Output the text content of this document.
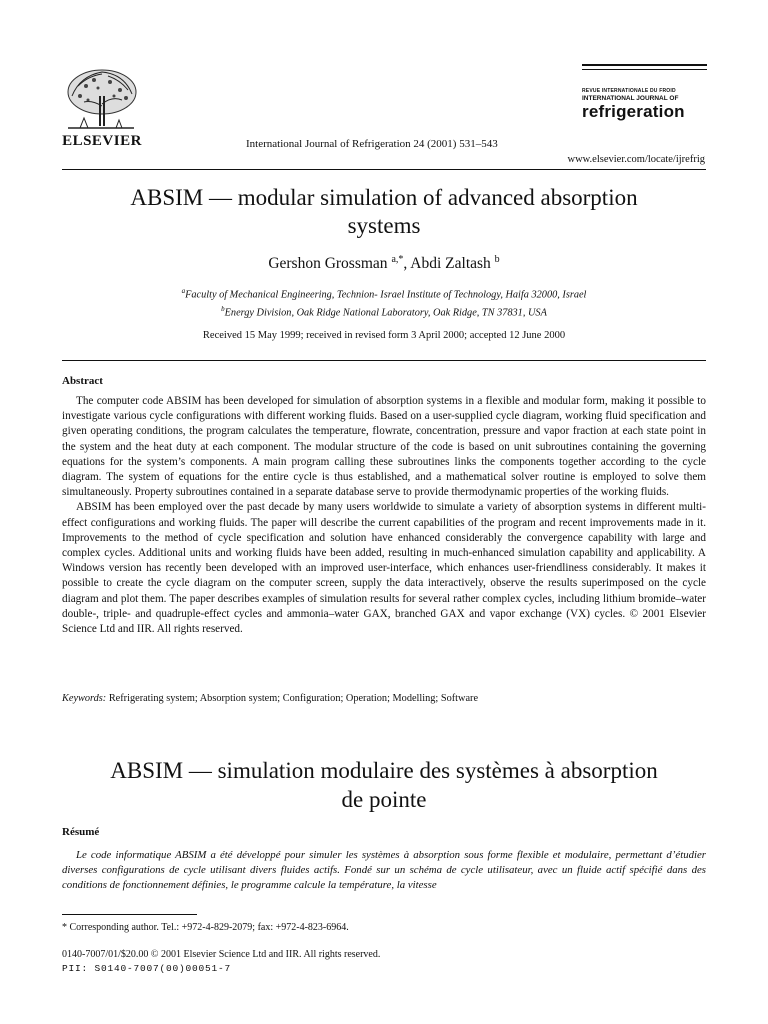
ELSEVIER	International Journal of Refrigeration 24 (2001) 531–543
REVUE INTERNATIONALE DU FROID
INTERNATIONAL JOURNAL OF
refrigeration
www.elsevier.com/locate/ijrefrig
ABSIM — modular simulation of advanced absorption
systems
Gershon Grossman $^{a,*}$, Abdi Zaltash $^b$
$^a$Faculty of Mechanical Engineering, Technion- Israel Institute of Technology, Haifa 32000, Israel
$^b$Energy Division, Oak Ridge National Laboratory, Oak Ridge, TN 37831, USA
Received 15 May 1999; received in revised form 3 April 2000; accepted 12 June 2000
Abstract

The computer code ABSIM has been developed for simulation of absorption systems in a flexible and modular form, making it possible to investigate various cycle configurations with different working fluids. Based on a user-supplied cycle diagram, working fluid specification and given operating conditions, the program calculates the temperature, flowrate, concentration, pressure and vapor fraction at each state point in the system and the heat duty at each component. The modular structure of the code is based on unit subroutines containing the governing equations for the system’s components. A main program calling these subroutines links the components together according to the cycle diagram. The system of equations for the entire cycle is thus established, and a mathematical solver routine is employed to solve them simultaneously. Property subroutines contained in a separate database serve to provide thermodynamic properties of the working fluids.

ABSIM has been employed over the past decade by many users worldwide to simulate a variety of absorption systems in different multi-effect configurations and working fluids. The paper will describe the current capabilities of the program and recent improvements made in it. Improvements to the method of cycle specification and solution have enhanced considerably the convergence capability with large and complex cycles. Additional units and working fluids have been added, resulting in much-enhanced simulation capability and applicability. A Windows version has recently been developed with an improved user-interface, which enhances user-friendliness considerably. It makes it possible to create the cycle diagram on the computer screen, supply the data interactively, observe the results superimposed on the cycle diagram and plot them. The paper describes examples of simulation results for several rather complex cycles, including lithium bromide–water double-, triple- and quadruple-effect cycles and ammonia–water GAX, branched GAX and vapor exchange (VX) cycles. © 2001 Elsevier Science Ltd and IIR. All rights reserved.

Keywords: Refrigerating system; Absorption system; Configuration; Operation; Modelling; Software
ABSIM — simulation modulaire des systèmes à absorption
de pointe
Résumé

Le code informatique ABSIM a été développé pour simuler les systèmes à absorption sous forme flexible et modulaire, permettant d’étudier diverses configurations de cycle utilisant divers fluides actifs. Fondé sur un schéma de cycle utilisateur, avec un fluide actif spécifié dans des conditions de fonctionnement définies, le programme calcule la température, la vitesse

* Corresponding author. Tel.: +972-4-829-2079; fax: +972-4-823-6964.
0140-7007/01/$20.00 © 2001 Elsevier Science Ltd and IIR. All rights reserved.
PII: S0140-7007(00)00051-7
